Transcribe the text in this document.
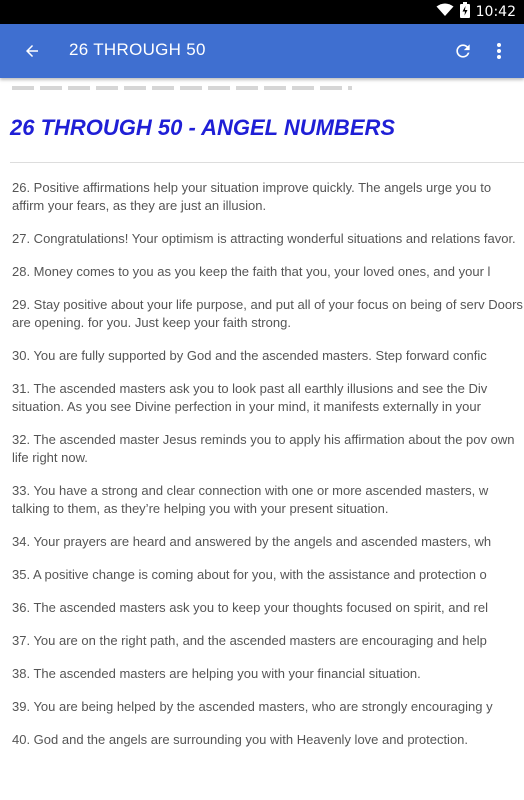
10:42
26 THROUGH 50
26 THROUGH 50 - ANGEL NUMBERS

26. Positive affirmations help your situation improve quickly. The angels urge you to affirm your fears, as they are just an illusion.

27. Congratulations! Your optimism is attracting wonderful situations and relations favor.

28. Money comes to you as you keep the faith that you, your loved ones, and your l

29. Stay positive about your life purpose, and put all of your focus on being of serv Doors are opening. for you. Just keep your faith strong.

30. You are fully supported by God and the ascended masters. Step forward confic

31. The ascended masters ask you to look past all earthly illusions and see the Div situation. As you see Divine perfection in your mind, it manifests externally in your

32. The ascended master Jesus reminds you to apply his affirmation about the pov own life right now.

33. You have a strong and clear connection with one or more ascended masters, w talking to them, as they’re helping you with your present situation.

34. Your prayers are heard and answered by the angels and ascended masters, wh

35. A positive change is coming about for you, with the assistance and protection o

36. The ascended masters ask you to keep your thoughts focused on spirit, and rel

37. You are on the right path, and the ascended masters are encouraging and help

38. The ascended masters are helping you with your financial situation.

39. You are being helped by the ascended masters, who are strongly encouraging y

40. God and the angels are surrounding you with Heavenly love and protection.
